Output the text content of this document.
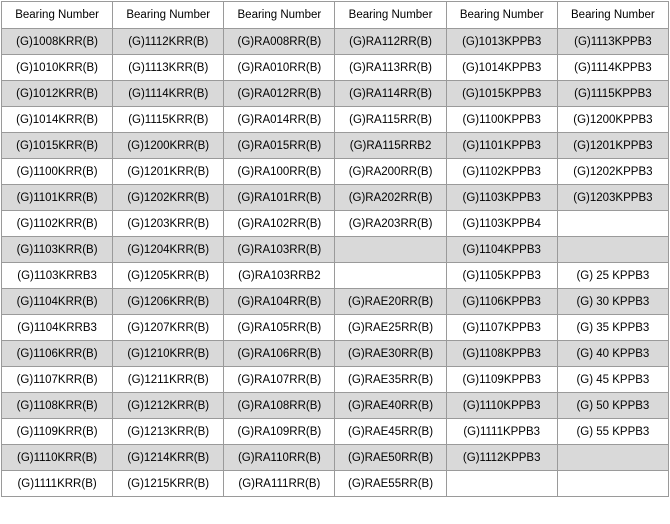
Bearing Number	Bearing Number	Bearing Number	Bearing Number	Bearing Number	Bearing Number
(G)1008KRR(B)	(G)1112KRR(B)	(G)RA008RR(B)	(G)RA112RR(B)	(G)1013KPPB3	(G)1113KPPB3
(G)1010KRR(B)	(G)1113KRR(B)	(G)RA010RR(B)	(G)RA113RR(B)	(G)1014KPPB3	(G)1114KPPB3
(G)1012KRR(B)	(G)1114KRR(B)	(G)RA012RR(B)	(G)RA114RR(B)	(G)1015KPPB3	(G)1115KPPB3
(G)1014KRR(B)	(G)1115KRR(B)	(G)RA014RR(B)	(G)RA115RR(B)	(G)1100KPPB3	(G)1200KPPB3
(G)1015KRR(B)	(G)1200KRR(B)	(G)RA015RR(B)	(G)RA115RRB2	(G)1101KPPB3	(G)1201KPPB3
(G)1100KRR(B)	(G)1201KRR(B)	(G)RA100RR(B)	(G)RA200RR(B)	(G)1102KPPB3	(G)1202KPPB3
(G)1101KRR(B)	(G)1202KRR(B)	(G)RA101RR(B)	(G)RA202RR(B)	(G)1103KPPB3	(G)1203KPPB3
(G)1102KRR(B)	(G)1203KRR(B)	(G)RA102RR(B)	(G)RA203RR(B)	(G)1103KPPB4	
(G)1103KRR(B)	(G)1204KRR(B)	(G)RA103RR(B)		(G)1104KPPB3	
(G)1103KRRB3	(G)1205KRR(B)	(G)RA103RRB2		(G)1105KPPB3	(G) 25 KPPB3
(G)1104KRR(B)	(G)1206KRR(B)	(G)RA104RR(B)	(G)RAE20RR(B)	(G)1106KPPB3	(G) 30 KPPB3
(G)1104KRRB3	(G)1207KRR(B)	(G)RA105RR(B)	(G)RAE25RR(B)	(G)1107KPPB3	(G) 35 KPPB3
(G)1106KRR(B)	(G)1210KRR(B)	(G)RA106RR(B)	(G)RAE30RR(B)	(G)1108KPPB3	(G) 40 KPPB3
(G)1107KRR(B)	(G)1211KRR(B)	(G)RA107RR(B)	(G)RAE35RR(B)	(G)1109KPPB3	(G) 45 KPPB3
(G)1108KRR(B)	(G)1212KRR(B)	(G)RA108RR(B)	(G)RAE40RR(B)	(G)1110KPPB3	(G) 50 KPPB3
(G)1109KRR(B)	(G)1213KRR(B)	(G)RA109RR(B)	(G)RAE45RR(B)	(G)1111KPPB3	(G) 55 KPPB3
(G)1110KRR(B)	(G)1214KRR(B)	(G)RA110RR(B)	(G)RAE50RR(B)	(G)1112KPPB3	
(G)1111KRR(B)	(G)1215KRR(B)	(G)RA111RR(B)	(G)RAE55RR(B)		
